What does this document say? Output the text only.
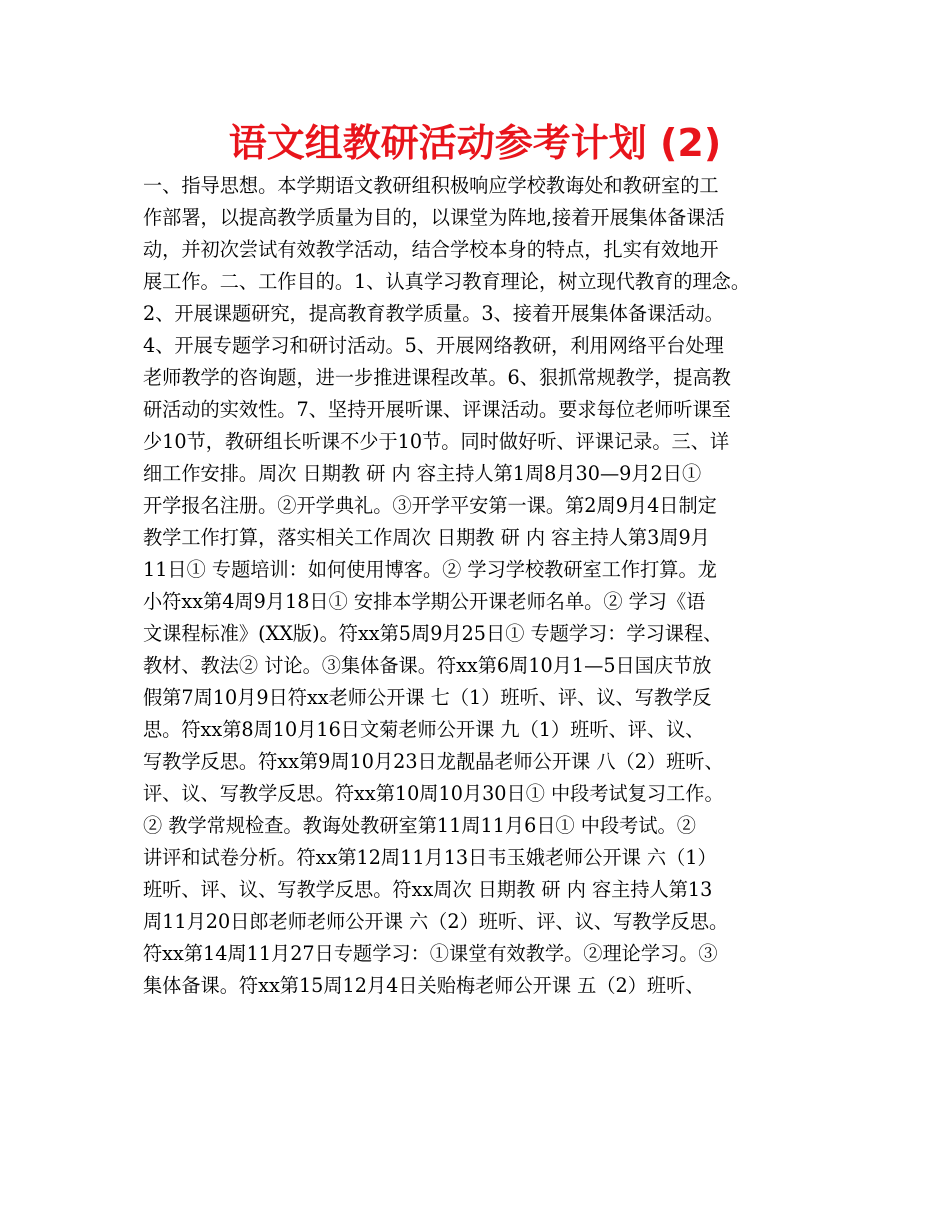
语文组教研活动参考计划 (2)
一、指导思想。本学期语文教研组积极响应学校教诲处和教研室的工
作部署，以提高教学质量为目的，以课堂为阵地,接着开展集体备课活
动，并初次尝试有效教学活动，结合学校本身的特点，扎实有效地开
展工作。二、工作目的。1、认真学习教育理论，树立现代教育的理念。
2、开展课题研究，提高教育教学质量。3、接着开展集体备课活动。
4、开展专题学习和研讨活动。5、开展网络教研，利用网络平台处理
老师教学的咨询题，进一步推进课程改革。6、狠抓常规教学，提高教
研活动的实效性。7、坚持开展听课、评课活动。要求每位老师听课至
少10节，教研组长听课不少于10节。同时做好听、评课记录。三、详
细工作安排。周次 日期教 研 内 容主持人第1周8月30—9月2日①
开学报名注册。②开学典礼。③开学平安第一课。第2周9月4日制定
教学工作打算，落实相关工作周次 日期教 研 内 容主持人第3周9月
11日① 专题培训：如何使用博客。② 学习学校教研室工作打算。龙
小符xx第4周9月18日① 安排本学期公开课老师名单。② 学习《语
文课程标准》(XX版)。符xx第5周9月25日① 专题学习：学习课程、
教材、教法② 讨论。③集体备课。符xx第6周10月1—5日国庆节放
假第7周10月9日符xx老师公开课 七（1）班听、评、议、写教学反
思。符xx第8周10月16日文菊老师公开课 九（1）班听、评、议、
写教学反思。符xx第9周10月23日龙靓晶老师公开课 八（2）班听、
评、议、写教学反思。符xx第10周10月30日① 中段考试复习工作。
② 教学常规检查。教诲处教研室第11周11月6日① 中段考试。②
讲评和试卷分析。符xx第12周11月13日韦玉娥老师公开课 六（1）
班听、评、议、写教学反思。符xx周次 日期教 研 内 容主持人第13
周11月20日郎老师老师公开课 六（2）班听、评、议、写教学反思。
符xx第14周11月27日专题学习：①课堂有效教学。②理论学习。③
集体备课。符xx第15周12月4日关贻梅老师公开课 五（2）班听、
